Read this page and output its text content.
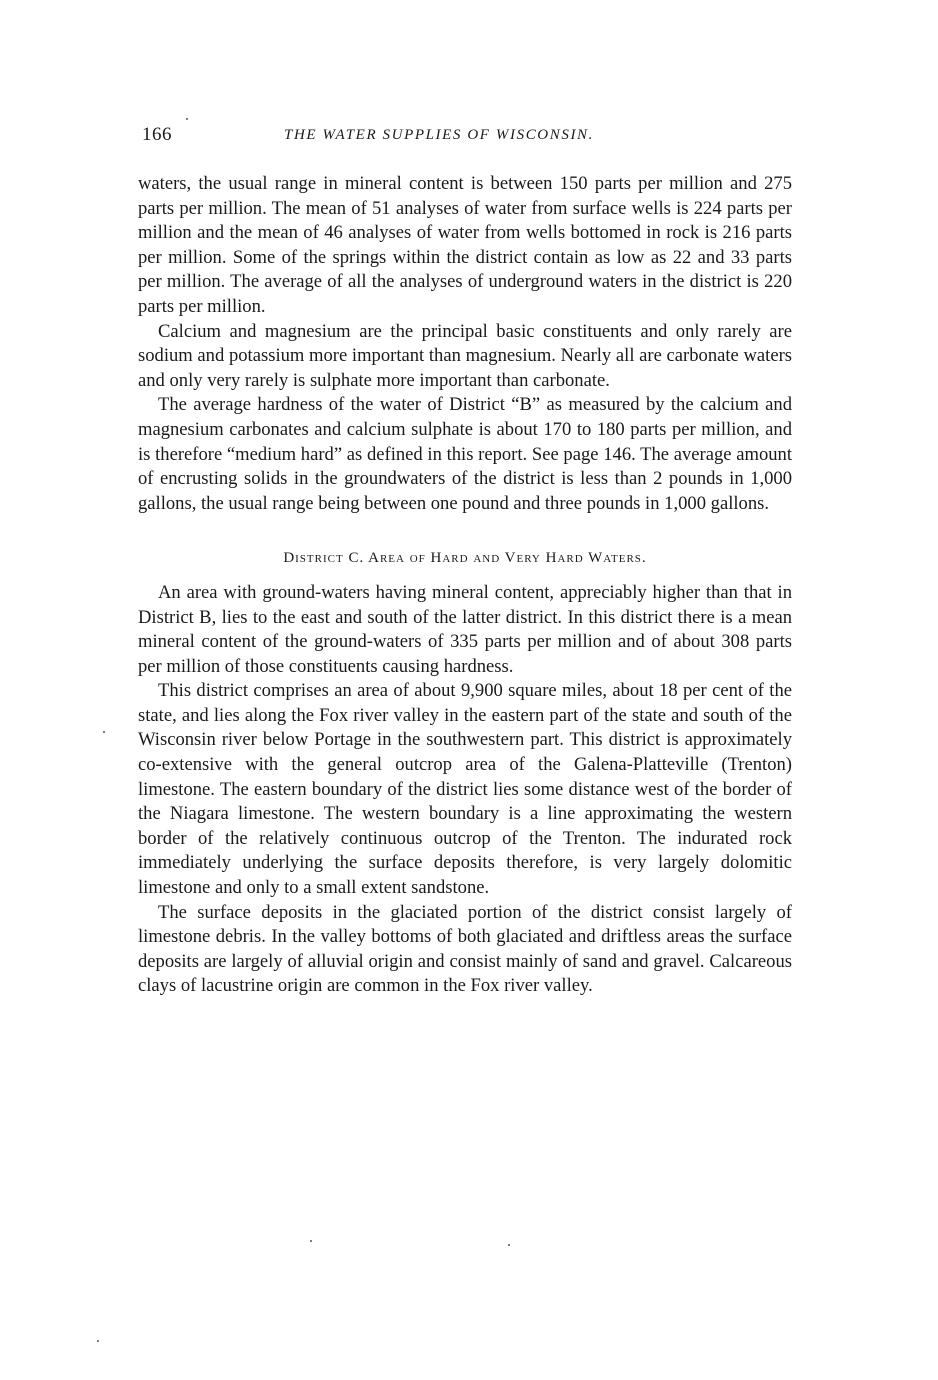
166	THE WATER SUPPLIES OF WISCONSIN.

waters, the usual range in mineral content is between 150 parts per million and 275 parts per million. The mean of 51 analyses of water from surface wells is 224 parts per million and the mean of 46 analyses of water from wells bottomed in rock is 216 parts per million. Some of the springs within the district contain as low as 22 and 33 parts per million. The average of all the analyses of underground waters in the district is 220 parts per million.

Calcium and magnesium are the principal basic constituents and only rarely are sodium and potassium more important than magnesium. Nearly all are carbonate waters and only very rarely is sulphate more important than carbonate.

The average hardness of the water of District “B” as measured by the calcium and magnesium carbonates and calcium sulphate is about 170 to 180 parts per million, and is therefore “medium hard” as defined in this report. See page 146. The average amount of encrusting solids in the groundwaters of the district is less than 2 pounds in 1,000 gallons, the usual range being between one pound and three pounds in 1,000 gallons.

District C. Area of Hard and Very Hard Waters.

An area with ground-waters having mineral content, appreciably higher than that in District B, lies to the east and south of the latter district. In this district there is a mean mineral content of the ground-waters of 335 parts per million and of about 308 parts per million of those constituents causing hardness.

This district comprises an area of about 9,900 square miles, about 18 per cent of the state, and lies along the Fox river valley in the eastern part of the state and south of the Wisconsin river below Portage in the southwestern part. This district is approximately co-extensive with the general outcrop area of the Galena-Platteville (Trenton) limestone. The eastern boundary of the district lies some distance west of the border of the Niagara limestone. The western boundary is a line approximating the western border of the relatively continuous outcrop of the Trenton. The indurated rock immediately underlying the surface deposits therefore, is very largely dolomitic limestone and only to a small extent sandstone.

The surface deposits in the glaciated portion of the district consist largely of limestone debris. In the valley bottoms of both glaciated and driftless areas the surface deposits are largely of alluvial origin and consist mainly of sand and gravel. Calcareous clays of lacustrine origin are common in the Fox river valley.
